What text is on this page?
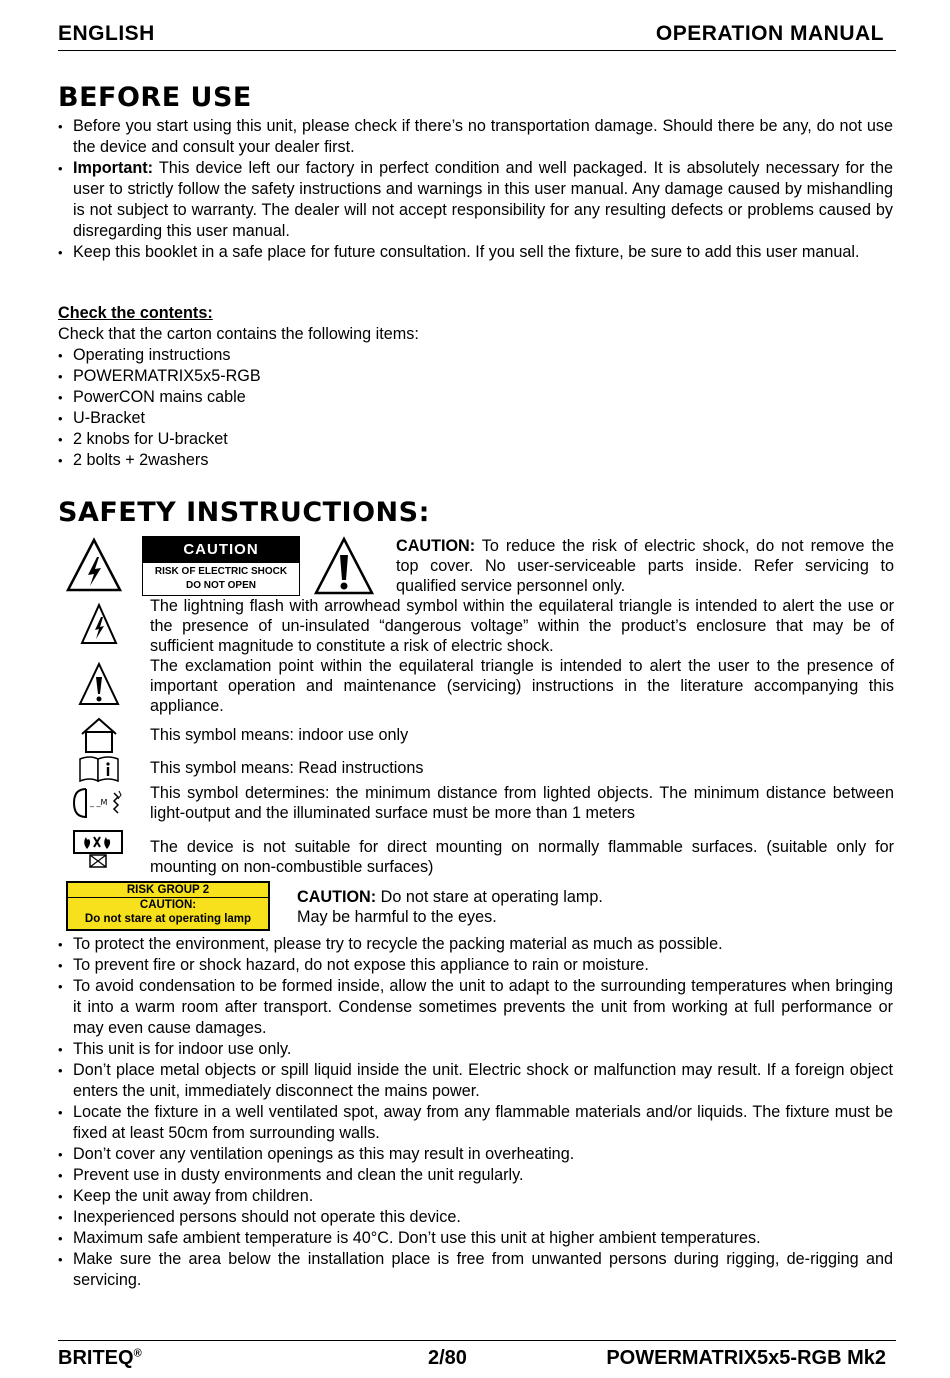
ENGLISH	OPERATION MANUAL
BEFORE USE
• Before you start using this unit, please check if there’s no transportation damage. Should there be any, do not use the device and consult your dealer first.
• Important: This device left our factory in perfect condition and well packaged. It is absolutely necessary for the user to strictly follow the safety instructions and warnings in this user manual. Any damage caused by mishandling is not subject to warranty. The dealer will not accept responsibility for any resulting defects or problems caused by disregarding this user manual.
• Keep this booklet in a safe place for future consultation. If you sell the fixture, be sure to add this user manual.
Check the contents:
Check that the carton contains the following items:
• Operating instructions
• POWERMATRIX5x5-RGB
• PowerCON mains cable
• U-Bracket
• 2 knobs for U-bracket
• 2 bolts + 2washers
SAFETY INSTRUCTIONS:
CAUTION
RISK OF ELECTRIC SHOCK
DO NOT OPEN
CAUTION: To reduce the risk of electric shock, do not remove the top cover. No user-serviceable parts inside. Refer servicing to qualified service personnel only.
The lightning flash with arrowhead symbol within the equilateral triangle is intended to alert the use or the presence of un-insulated “dangerous voltage” within the product’s enclosure that may be of sufficient magnitude to constitute a risk of electric shock.
The exclamation point within the equilateral triangle is intended to alert the user to the presence of important operation and maintenance (servicing) instructions in the literature accompanying this appliance.
This symbol means: indoor use only
This symbol means: Read instructions
_ _M
This symbol determines: the minimum distance from lighted objects. The minimum distance between light-output and the illuminated surface must be more than 1 meters
The device is not suitable for direct mounting on normally flammable surfaces. (suitable only for mounting on non-combustible surfaces)
RISK GROUP 2
CAUTION:
Do not stare at operating lamp
CAUTION: Do not stare at operating lamp.
May be harmful to the eyes.
• To protect the environment, please try to recycle the packing material as much as possible.
• To prevent fire or shock hazard, do not expose this appliance to rain or moisture.
• To avoid condensation to be formed inside, allow the unit to adapt to the surrounding temperatures when bringing it into a warm room after transport. Condense sometimes prevents the unit from working at full performance or may even cause damages.
• This unit is for indoor use only.
• Don’t place metal objects or spill liquid inside the unit. Electric shock or malfunction may result. If a foreign object enters the unit, immediately disconnect the mains power.
• Locate the fixture in a well ventilated spot, away from any flammable materials and/or liquids. The fixture must be fixed at least 50cm from surrounding walls.
• Don’t cover any ventilation openings as this may result in overheating.
• Prevent use in dusty environments and clean the unit regularly.
• Keep the unit away from children.
• Inexperienced persons should not operate this device.
• Maximum safe ambient temperature is 40°C. Don’t use this unit at higher ambient temperatures.
• Make sure the area below the installation place is free from unwanted persons during rigging, de-rigging and servicing.
BRITEQ®	2/80	POWERMATRIX5x5-RGB Mk2
